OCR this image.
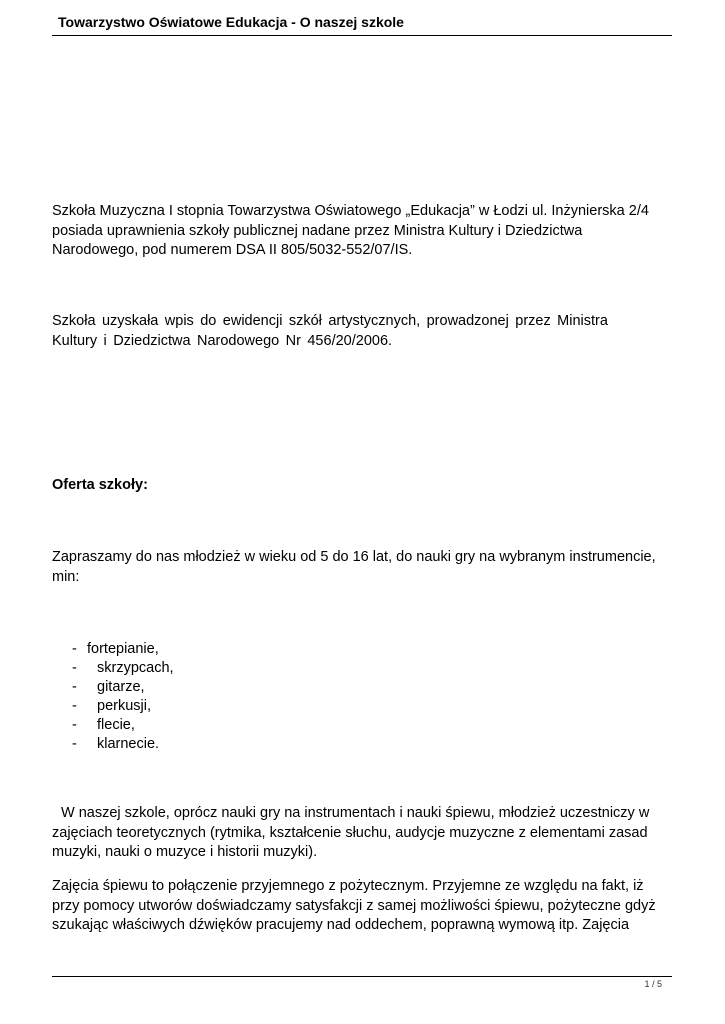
Towarzystwo Oświatowe Edukacja - O naszej szkole
Szkoła Muzyczna I stopnia Towarzystwa Oświatowego „Edukacja” w Łodzi ul. Inżynierska 2/4
posiada uprawnienia szkoły publicznej nadane przez Ministra Kultury i Dziedzictwa
Narodowego, pod numerem DSA II 805/5032-552/07/IS.
Szkoła uzyskała wpis do ewidencji szkół artystycznych, prowadzonej przez Ministra
Kultury i Dziedzictwa Narodowego Nr 456/20/2006.
Oferta szkoły:
Zapraszamy do nas młodzież w wieku od 5 do 16 lat, do nauki gry na wybranym instrumencie,
min:
- fortepianie,
- skrzypcach,
- gitarze,
- perkusji,
- flecie,
- klarnecie.
W naszej szkole, oprócz nauki gry na instrumentach i nauki śpiewu, młodzież uczestniczy w
zajęciach teoretycznych (rytmika, kształcenie słuchu, audycje muzyczne z elementami zasad
muzyki, nauki o muzyce i historii muzyki).
Zajęcia śpiewu to połączenie przyjemnego z pożytecznym. Przyjemne ze względu na fakt, iż
przy pomocy utworów doświadczamy satysfakcji z samej możliwości śpiewu, pożyteczne gdyż
szukając właściwych dźwięków pracujemy nad oddechem, poprawną wymową itp. Zajęcia
1 / 5
